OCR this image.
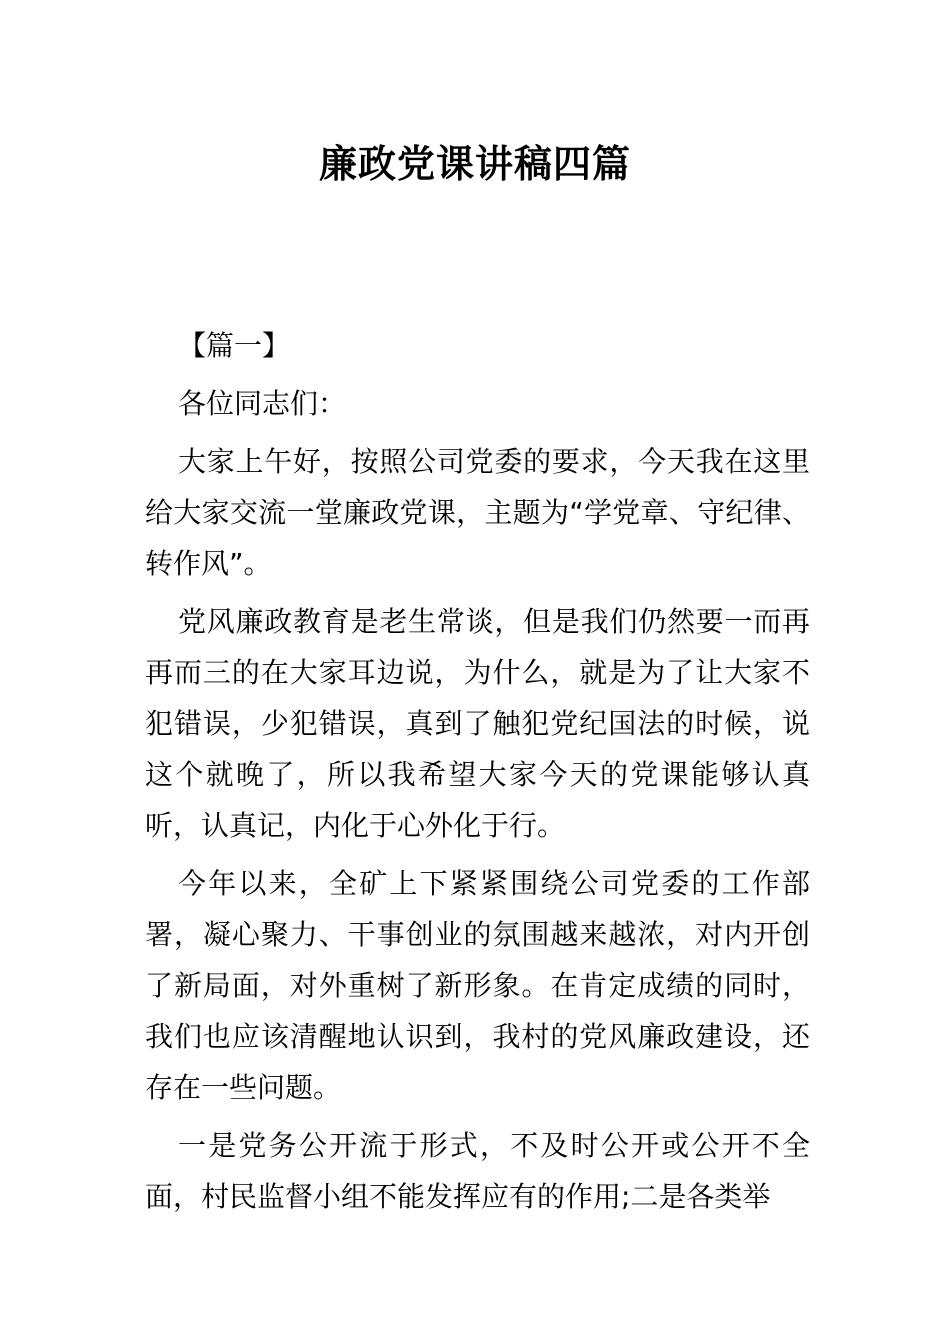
廉政党课讲稿四篇

【篇一】

各位同志们：

大家上午好，按照公司党委的要求，今天我在这里给大家交流一堂廉政党课，主题为“学党章、守纪律、转作风”。

党风廉政教育是老生常谈，但是我们仍然要一而再再而三的在大家耳边说，为什么，就是为了让大家不犯错误，少犯错误，真到了触犯党纪国法的时候，说这个就晚了，所以我希望大家今天的党课能够认真听，认真记，内化于心外化于行。

今年以来，全矿上下紧紧围绕公司党委的工作部署，凝心聚力、干事创业的氛围越来越浓，对内开创了新局面，对外重树了新形象。在肯定成绩的同时，我们也应该清醒地认识到，我村的党风廉政建设，还存在一些问题。

一是党务公开流于形式，不及时公开或公开不全面，村民监督小组不能发挥应有的作用;二是各类举
